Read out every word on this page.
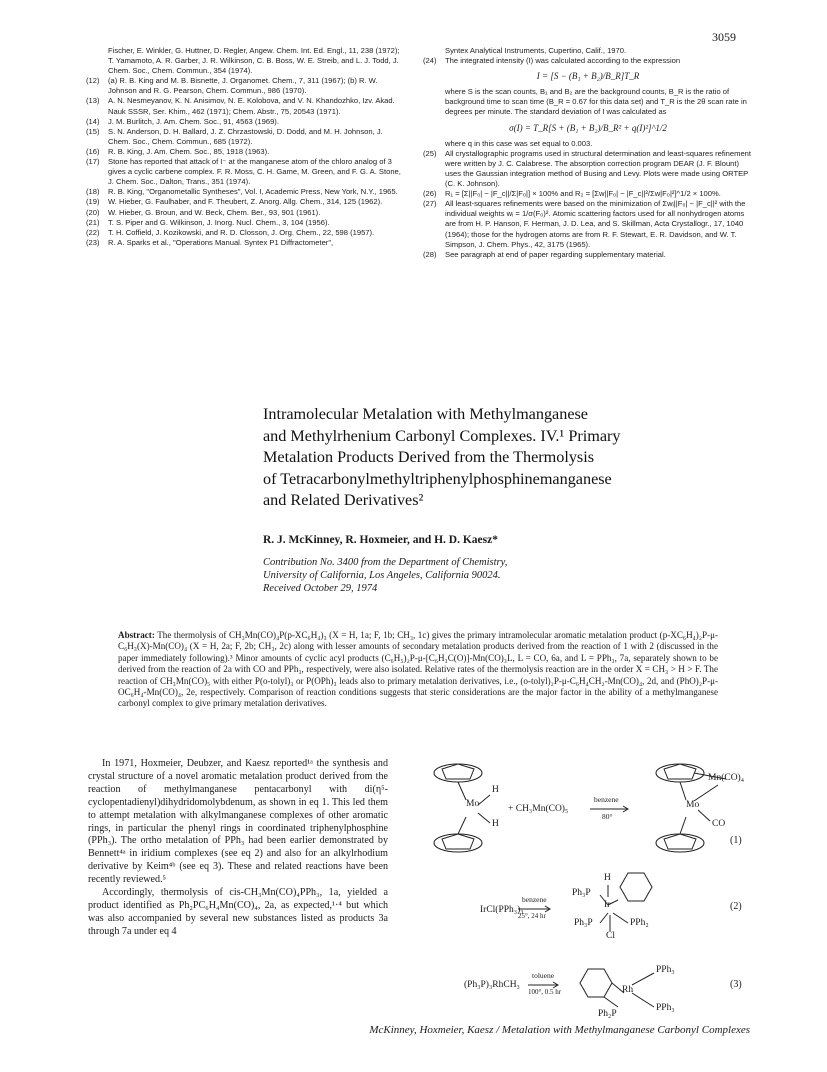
3059
Fischer, E. Winkler, G. Huttner, D. Regler, Angew. Chem. Int. Ed. Engl., 11, 238 (1972); T. Yamamoto, A. R. Garber, J. R. Wilkinson, C. B. Boss, W. E. Streib, and L. J. Todd, J. Chem. Soc., Chem. Commun., 354 (1974).
(12)	(a) R. B. King and M. B. Bisnette, J. Organomet. Chem., 7, 311 (1967); (b) R. W. Johnson and R. G. Pearson, Chem. Commun., 986 (1970).
(13)	A. N. Nesmeyanov, K. N. Anisimov, N. E. Kolobova, and V. N. Khandozhko, Izv. Akad. Nauk SSSR, Ser. Khim., 462 (1971); Chem. Abstr., 75, 20543 (1971).
(14)	J. M. Burlitch, J. Am. Chem. Soc., 91, 4563 (1969).
(15)	S. N. Anderson, D. H. Ballard, J. Z. Chrzastowski, D. Dodd, and M. H. Johnson, J. Chem. Soc., Chem. Commun., 685 (1972).
(16)	R. B. King, J. Am. Chem. Soc., 85, 1918 (1963).
(17)	Stone has reported that attack of I⁻ at the manganese atom of the chloro analog of 3 gives a cyclic carbene complex. F. R. Moss, C. H. Game, M. Green, and F. G. A. Stone, J. Chem. Soc., Dalton, Trans., 351 (1974).
(18)	R. B. King, "Organometallic Syntheses", Vol. I, Academic Press, New York, N.Y., 1965.
(19)	W. Hieber, G. Faulhaber, and F. Theubert, Z. Anorg. Allg. Chem., 314, 125 (1962).
(20)	W. Hieber, G. Broun, and W. Beck, Chem. Ber., 93, 901 (1961).
(21)	T. S. Piper and G. Wilkinson, J. Inorg. Nucl. Chem., 3, 104 (1956).
(22)	T. H. Coffield, J. Kozikowski, and R. D. Closson, J. Org. Chem., 22, 598 (1957).
(23)	R. A. Sparks et al., "Operations Manual. Syntex P1 Diffractometer",
Syntex Analytical Instruments, Cupertino, Calif., 1970.
(24)	The integrated intensity (I) was calculated according to the expression
I = [S − (B₁ + B₂)/B_R]T_R
where S is the scan counts, B₁ and B₂ are the background counts, B_R is the ratio of background time to scan time (B_R = 0.67 for this data set) and T_R is the 2θ scan rate in degrees per minute. The standard deviation of I was calculated as
σ(I) = T_R[S + (B₁ + B₂)/B_R² + q(I)²]^1/2
where q in this case was set equal to 0.003.
(25)	All crystallographic programs used in structural determination and least-squares refinement were written by J. C. Calabrese. The absorption correction program DEAR (J. F. Blount) uses the Gaussian integration method of Busing and Levy. Plots were made using ORTEP (C. K. Johnson).
(26)	R₁ = [Σ||F₀| − |F_c||/Σ|F₀|] × 100% and R₂ = [Σw||F₀| − |F_c||²/Σw|F₀|²]^1/2 × 100%.
(27)	All least-squares refinements were based on the minimization of Σwᵢ||F₀| − |F_c||² with the individual weights wᵢ = 1/σ(F₀)². Atomic scattering factors used for all nonhydrogen atoms are from H. P. Hanson, F. Herman, J. D. Lea, and S. Skillman, Acta Crystallogr., 17, 1040 (1964); those for the hydrogen atoms are from R. F. Stewart, E. R. Davidson, and W. T. Simpson, J. Chem. Phys., 42, 3175 (1965).
(28)	See paragraph at end of paper regarding supplementary material.
Intramolecular Metalation with Methylmanganese
and Methylrhenium Carbonyl Complexes. IV.¹ Primary
Metalation Products Derived from the Thermolysis
of Tetracarbonylmethyltriphenylphosphinemanganese
and Related Derivatives²
R. J. McKinney, R. Hoxmeier, and H. D. Kaesz*
Contribution No. 3400 from the Department of Chemistry,
University of California, Los Angeles, California 90024.
Received October 29, 1974

Abstract: The thermolysis of CH₃Mn(CO)₄P(p-XC₆H₄)₃ (X = H, 1a; F, 1b; CH₃, 1c) gives the primary intramolecular aromatic metalation product (p-XC₆H₄)₂P-μ-C₆H₃(X)-Mn(CO)₄ (X = H, 2a; F, 2b; CH₃, 2c) along with lesser amounts of secondary metalation products derived from the reaction of 1 with 2 (discussed in the paper immediately following).³ Minor amounts of cyclic acyl products (C₆H₅)₂P-μ-[C₆H₃C(O)]-Mn(CO)₃L, L = CO, 6a, and L = PPh₃, 7a, separately shown to be derived from the reaction of 2a with CO and PPh₃, respectively, were also isolated. Relative rates of the thermolysis reaction are in the order X = CH₃ > H > F. The reaction of CH₃Mn(CO)₅ with either P(o-tolyl)₃ or P(OPh)₃ leads also to primary metalation derivatives, i.e., (o-tolyl)₂P-μ-C₆H₄CH₂-Mn(CO)₄, 2d, and (PhO)₂P-μ-OC₆H₄-Mn(CO)₄, 2e, respectively. Comparison of reaction conditions suggests that steric considerations are the major factor in the ability of a methylmanganese carbonyl complex to give primary metalation derivatives.

In 1971, Hoxmeier, Deubzer, and Kaesz reported¹ᵃ the synthesis and crystal structure of a novel aromatic metalation product derived from the reaction of methylmanganese pentacarbonyl with di(η⁵-cyclopentadienyl)dihydridomolybdenum, as shown in eq 1. This led them to attempt metalation with alkylmanganese complexes of other aromatic rings, in particular the phenyl rings in coordinated triphenylphosphine (PPh₃). The ortho metalation of PPh₃ had been earlier demonstrated by Bennett⁴ᵃ in iridium complexes (see eq 2) and also for an alkylrhodium derivative by Keim⁴ᵇ (see eq 3). These and related reactions have been recently reviewed.⁵

Accordingly, thermolysis of cis-CH₃Mn(CO)₄PPh₃, 1a, yielded a product identified as Ph₂PC₆H₄Mn(CO)₄, 2a, as expected,¹·⁴ but which was also accompanied by several new substances listed as products 3a through 7a under eq 4

Mo
H
H
+ CH₃Mn(CO)₅
benzene
80°
Mo
Mn(CO)₄
CO
(1)
IrCl(PPh₃)₃
benzene
25°, 24 hr
Ph₃P
H
Ir
Ph₃P	PPh₂
Cl
(2)
(Ph₃P)₃RhCH₃
toluene
100°, 0.5 hr	Rh
PPh₃
PPh₃
Ph₂P
(3)
McKinney, Hoxmeier, Kaesz / Metalation with Methylmanganese Carbonyl Complexes
